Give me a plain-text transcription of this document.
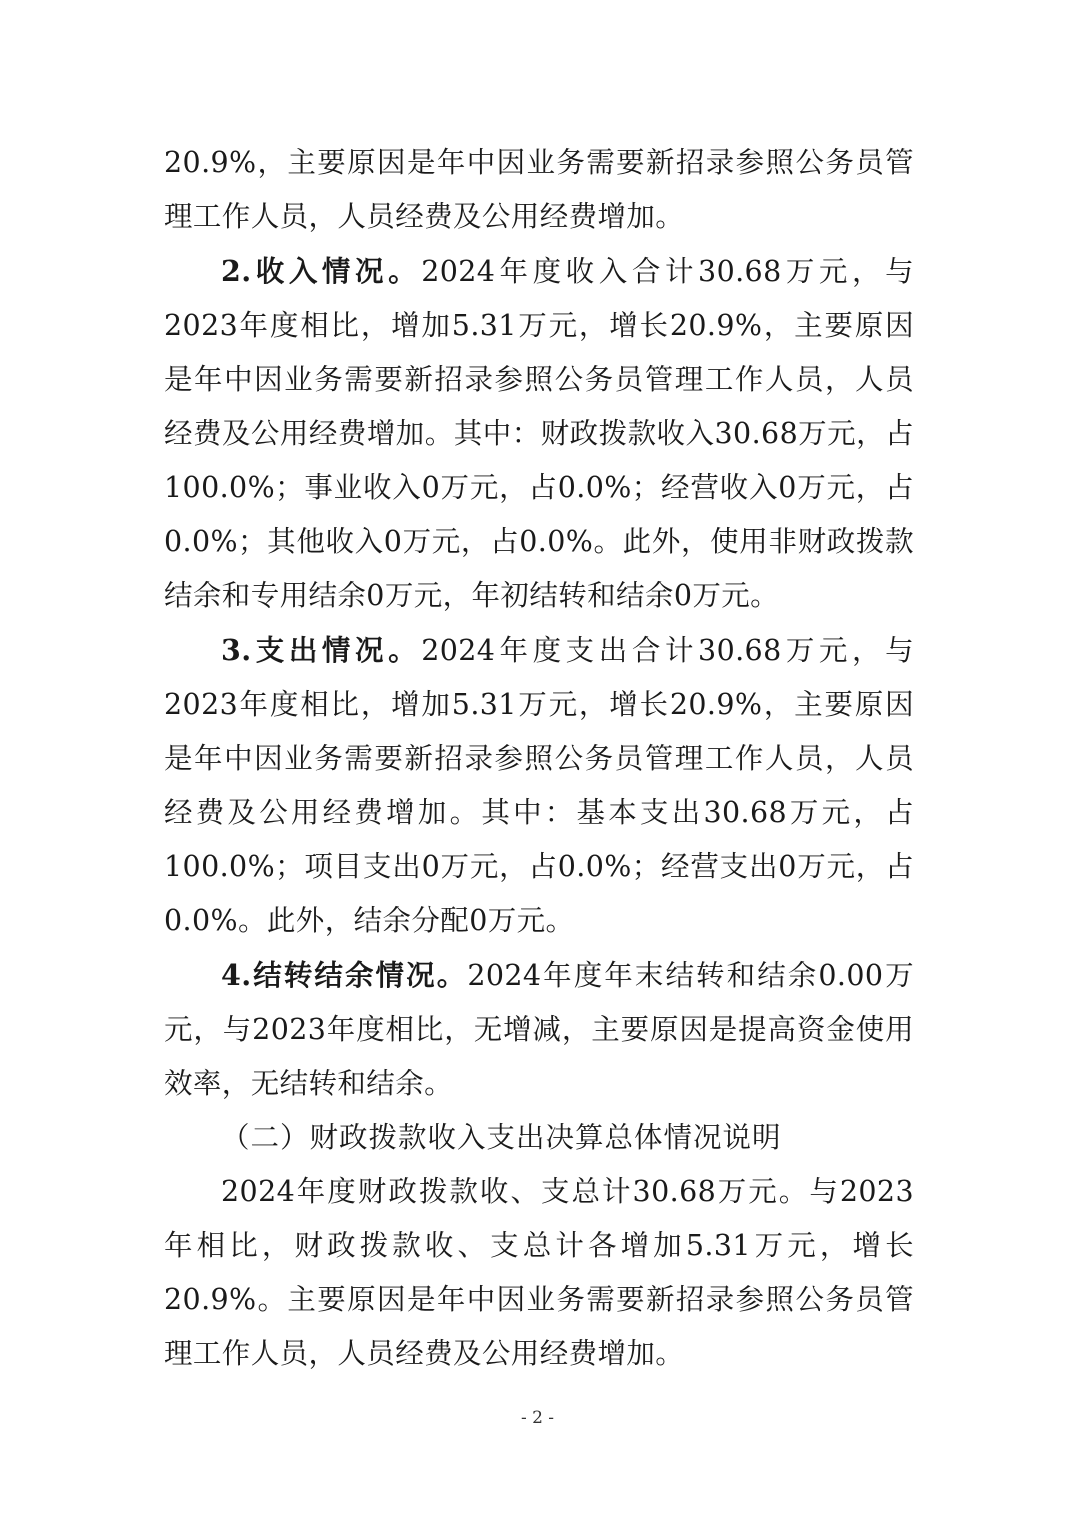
20.9%，主要原因是年中因业务需要新招录参照公务员管理工作人员，人员经费及公用经费增加。

2.收入情况。2024年度收入合计30.68万元，与2023年度相比，增加5.31万元，增长20.9%，主要原因是年中因业务需要新招录参照公务员管理工作人员，人员经费及公用经费增加。其中：财政拨款收入30.68万元，占100.0%；事业收入0万元，占0.0%；经营收入0万元，占0.0%；其他收入0万元，占0.0%。此外，使用非财政拨款结余和专用结余0万元，年初结转和结余0万元。

3.支出情况。2024年度支出合计30.68万元，与2023年度相比，增加5.31万元，增长20.9%，主要原因是年中因业务需要新招录参照公务员管理工作人员，人员经费及公用经费增加。其中：基本支出30.68万元，占100.0%；项目支出0万元，占0.0%；经营支出0万元，占0.0%。此外，结余分配0万元。

4.结转结余情况。2024年度年末结转和结余0.00万元，与2023年度相比，无增减，主要原因是提高资金使用效率，无结转和结余。

（二）财政拨款收入支出决算总体情况说明

2024年度财政拨款收、支总计30.68万元。与2023年相比，财政拨款收、支总计各增加5.31万元，增长20.9%。主要原因是年中因业务需要新招录参照公务员管理工作人员，人员经费及公用经费增加。

- 2 -
